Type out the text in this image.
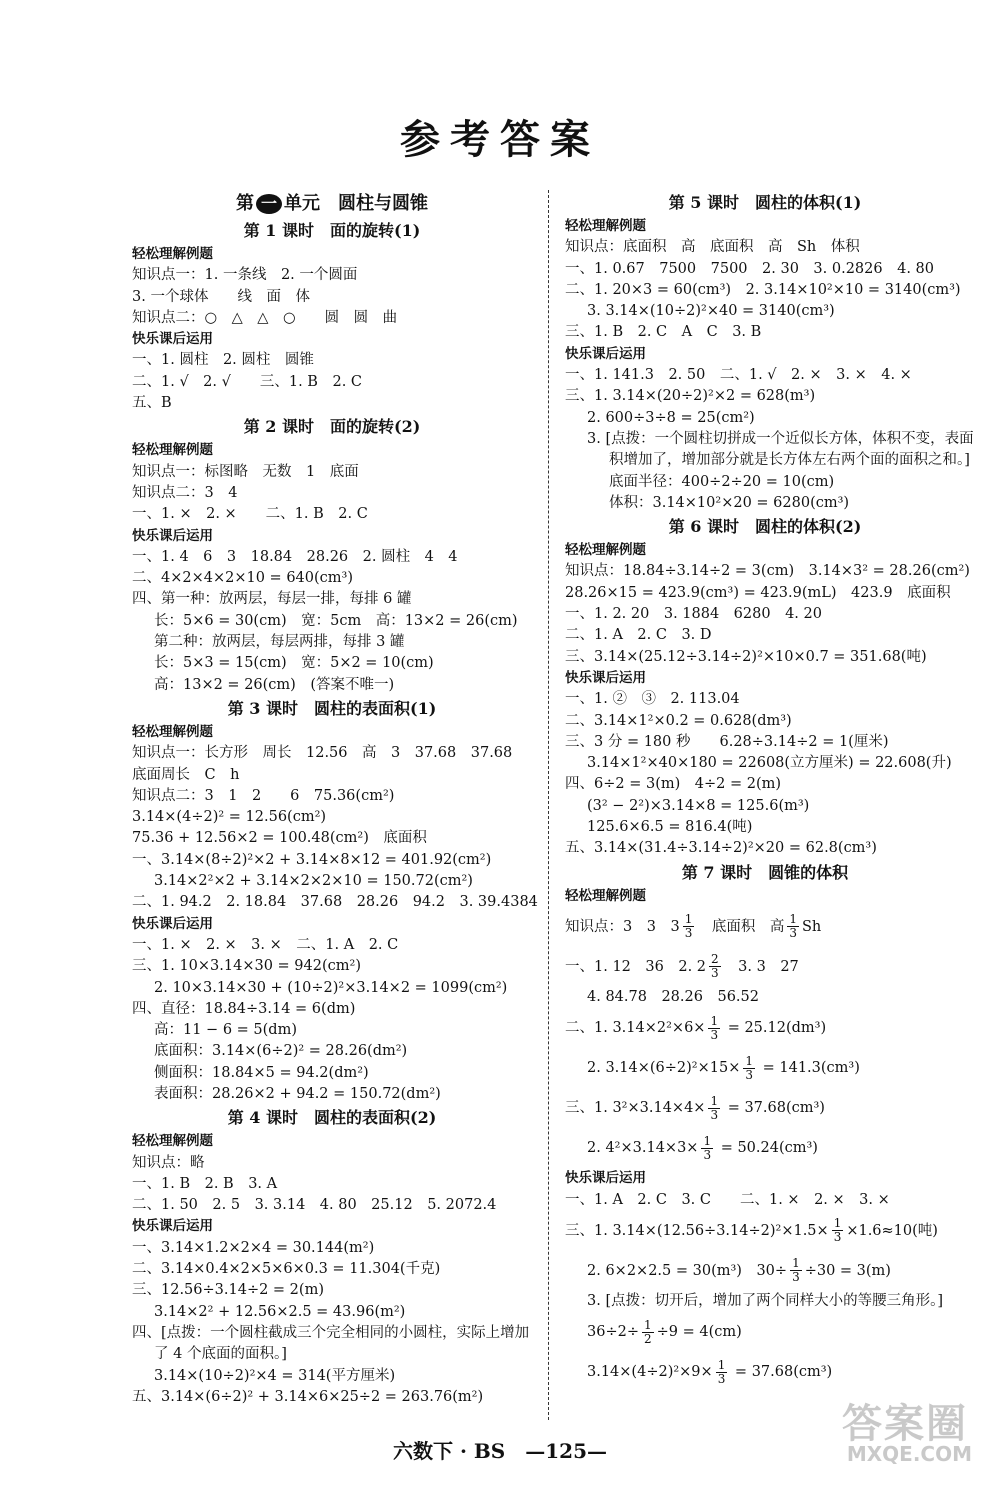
参考答案
第 一 单元　圆柱与圆锥
第 1 课时　面的旋转(1)
轻松理解例题
知识点一：1. 一条线　2. 一个圆面
3. 一个球体　　线　面　体
知识点二：○　△　△　○　　圆　圆　曲
快乐课后运用
一、1. 圆柱　2. 圆柱　圆锥
二、1. √　2. √　　三、1. B　2. C
五、B
第 2 课时　面的旋转(2)
轻松理解例题
知识点一：标图略　无数　1　底面
知识点二：3　4
一、1. ×　2. ×　　二、1. B　2. C
快乐课后运用
一、1. 4　6　3　18.84　28.26　2. 圆柱　4　4
二、4×2×4×2×10 = 640(cm³)
四、第一种：放两层，每层一排，每排 6 罐
长：5×6 = 30(cm)　宽：5cm　高：13×2 = 26(cm)
第二种：放两层，每层两排，每排 3 罐
长：5×3 = 15(cm)　宽：5×2 = 10(cm)
高：13×2 = 26(cm)　(答案不唯一)
第 3 课时　圆柱的表面积(1)
轻松理解例题
知识点一：长方形　周长　12.56　高　3　37.68　37.68
底面周长　C　h
知识点二：3　1　2　　6　75.36(cm²)
3.14×(4÷2)² = 12.56(cm²)
75.36 + 12.56×2 = 100.48(cm²)　底面积
一、3.14×(8÷2)²×2 + 3.14×8×12 = 401.92(cm²)
3.14×2²×2 + 3.14×2×2×10 = 150.72(cm²)
二、1. 94.2　2. 18.84　37.68　28.26　94.2　3. 39.4384
快乐课后运用
一、1. ×　2. ×　3. ×　二、1. A　2. C
三、1. 10×3.14×30 = 942(cm²)
2. 10×3.14×30 + (10÷2)²×3.14×2 = 1099(cm²)
四、直径：18.84÷3.14 = 6(dm)
高：11 − 6 = 5(dm)
底面积：3.14×(6÷2)² = 28.26(dm²)
侧面积：18.84×5 = 94.2(dm²)
表面积：28.26×2 + 94.2 = 150.72(dm²)
第 4 课时　圆柱的表面积(2)
轻松理解例题
知识点：略
一、1. B　2. B　3. A
二、1. 50　2. 5　3. 3.14　4. 80　25.12　5. 2072.4
快乐课后运用
一、3.14×1.2×2×4 = 30.144(m²)
二、3.14×0.4×2×5×6×0.3 = 11.304(千克)
三、12.56÷3.14÷2 = 2(m)
3.14×2² + 12.56×2.5 = 43.96(m²)
四、[点拨：一个圆柱截成三个完全相同的小圆柱，实际上增加
了 4 个底面的面积。]
3.14×(10÷2)²×4 = 314(平方厘米)
五、3.14×(6÷2)² + 3.14×6×25÷2 = 263.76(m²)
第 5 课时　圆柱的体积(1)
轻松理解例题
知识点：底面积　高　底面积　高　Sh　体积
一、1. 0.67　7500　7500　2. 30　3. 0.2826　4. 80
二、1. 20×3 = 60(cm³)　2. 3.14×10²×10 = 3140(cm³)
3. 3.14×(10÷2)²×40 = 3140(cm³)
三、1. B　2. C　A　C　3. B
快乐课后运用
一、1. 141.3　2. 50　二、1. √　2. ×　3. ×　4. ×
三、1. 3.14×(20÷2)²×2 = 628(m³)
2. 600÷3÷8 = 25(cm²)
3. [点拨：一个圆柱切拼成一个近似长方体，体积不变，表面
积增加了，增加部分就是长方体左右两个面的面积之和。]
底面半径：400÷2÷20 = 10(cm)
体积：3.14×10²×20 = 6280(cm³)
第 6 课时　圆柱的体积(2)
轻松理解例题
知识点：18.84÷3.14÷2 = 3(cm)　3.14×3² = 28.26(cm²)
28.26×15 = 423.9(cm³) = 423.9(mL)　423.9　底面积
一、1. 2. 20　3. 1884　6280　4. 20
二、1. A　2. C　3. D
三、3.14×(25.12÷3.14÷2)²×10×0.7 = 351.68(吨)
快乐课后运用
一、1. ②　③　2. 113.04
二、3.14×1²×0.2 = 0.628(dm³)
三、3 分 = 180 秒　　6.28÷3.14÷2 = 1(厘米)
3.14×1²×40×180 = 22608(立方厘米) = 22.608(升)
四、6÷2 = 3(m)　4÷2 = 2(m)
(3² − 2²)×3.14×8 = 125.6(m³)
125.6×6.5 = 816.4(吨)
五、3.14×(31.4÷3.14÷2)²×20 = 62.8(cm³)
第 7 课时　圆锥的体积
轻松理解例题
知识点：3　3　$3 \frac{1}{3}$ 　底面积　高 $\frac{1}{3}$ Sh
一、1. 12　36　2. $2 \frac{2}{3}$ 　3. 3　27
4. 84.78　28.26　56.52
二、1. $3.14\times 2^2\times 6\times \frac{1}{3} = 25.12(dm^3)$
2. $3.14\times(6\div 2)^2\times 15\times \frac{1}{3} = 141.3(cm^3)$
三、1. $3^2\times 3.14\times 4\times \frac{1}{3} = 37.68(cm^3)$
2. $4^2\times 3.14\times 3\times \frac{1}{3} = 50.24(cm^3)$
快乐课后运用
一、1. A　2. C　3. C　　二、1. ×　2. ×　3. ×
三、1. $3.14\times(12.56\div 3.14\div 2)^2\times 1.5\times \frac{1}{3} \times 1.6\approx 10$(吨)
2. 6×2×2.5 = 30(m³)　$30\div \frac{1}{3} \div 30 = 3(m)$
3. [点拨：切开后，增加了两个同样大小的等腰三角形。]
$36\div 2\div \frac{1}{2} \div 9 = 4(cm)$
$3.14\times(4\div 2)^2\times 9\times \frac{1}{3} = 37.68(cm^3)$
六数下 · BS　—125—
答案圈
MXQE.COM
